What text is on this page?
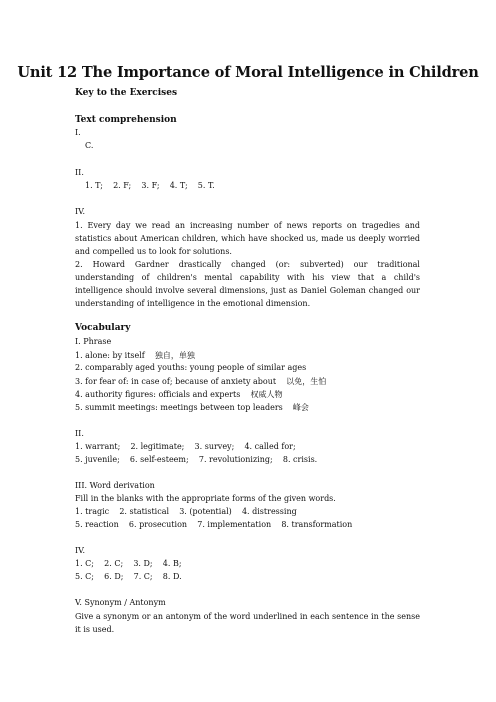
Unit 12 The Importance of Moral Intelligence in Children
Key to the Exercises
Text comprehension
I.
C.
II.
1. T;    2. F;    3. F;    4. T;    5. T.
IV.
1. Every day we read an increasing number of news reports on tragedies and statistics about American children, which have shocked us, made us deeply worried and compelled us to look for solutions.
2. Howard Gardner drastically changed (or: subverted) our traditional understanding of children's mental capability with his view that a child's intelligence should involve several dimensions, just as Daniel Goleman changed our understanding of intelligence in the emotional dimension.
Vocabulary
I. Phrase
1. alone: by itself    独自，单独
2. comparably aged youths: young people of similar ages
3. for fear of: in case of; because of anxiety about    以免，生怕
4. authority figures: officials and experts    权威人物
5. summit meetings: meetings between top leaders    峰会
II.
1. warrant;    2. legitimate;    3. survey;    4. called for;
5. juvenile;    6. self-esteem;    7. revolutionizing;    8. crisis.
III. Word derivation
Fill in the blanks with the appropriate forms of the given words.
1. tragic    2. statistical    3. (potential)    4. distressing
5. reaction    6. prosecution    7. implementation    8. transformation
IV.
1. C;    2. C;    3. D;    4. B;
5. C;    6. D;    7. C;    8. D.
V. Synonym / Antonym
Give a synonym or an antonym of the word underlined in each sentence in the sense it is used.
